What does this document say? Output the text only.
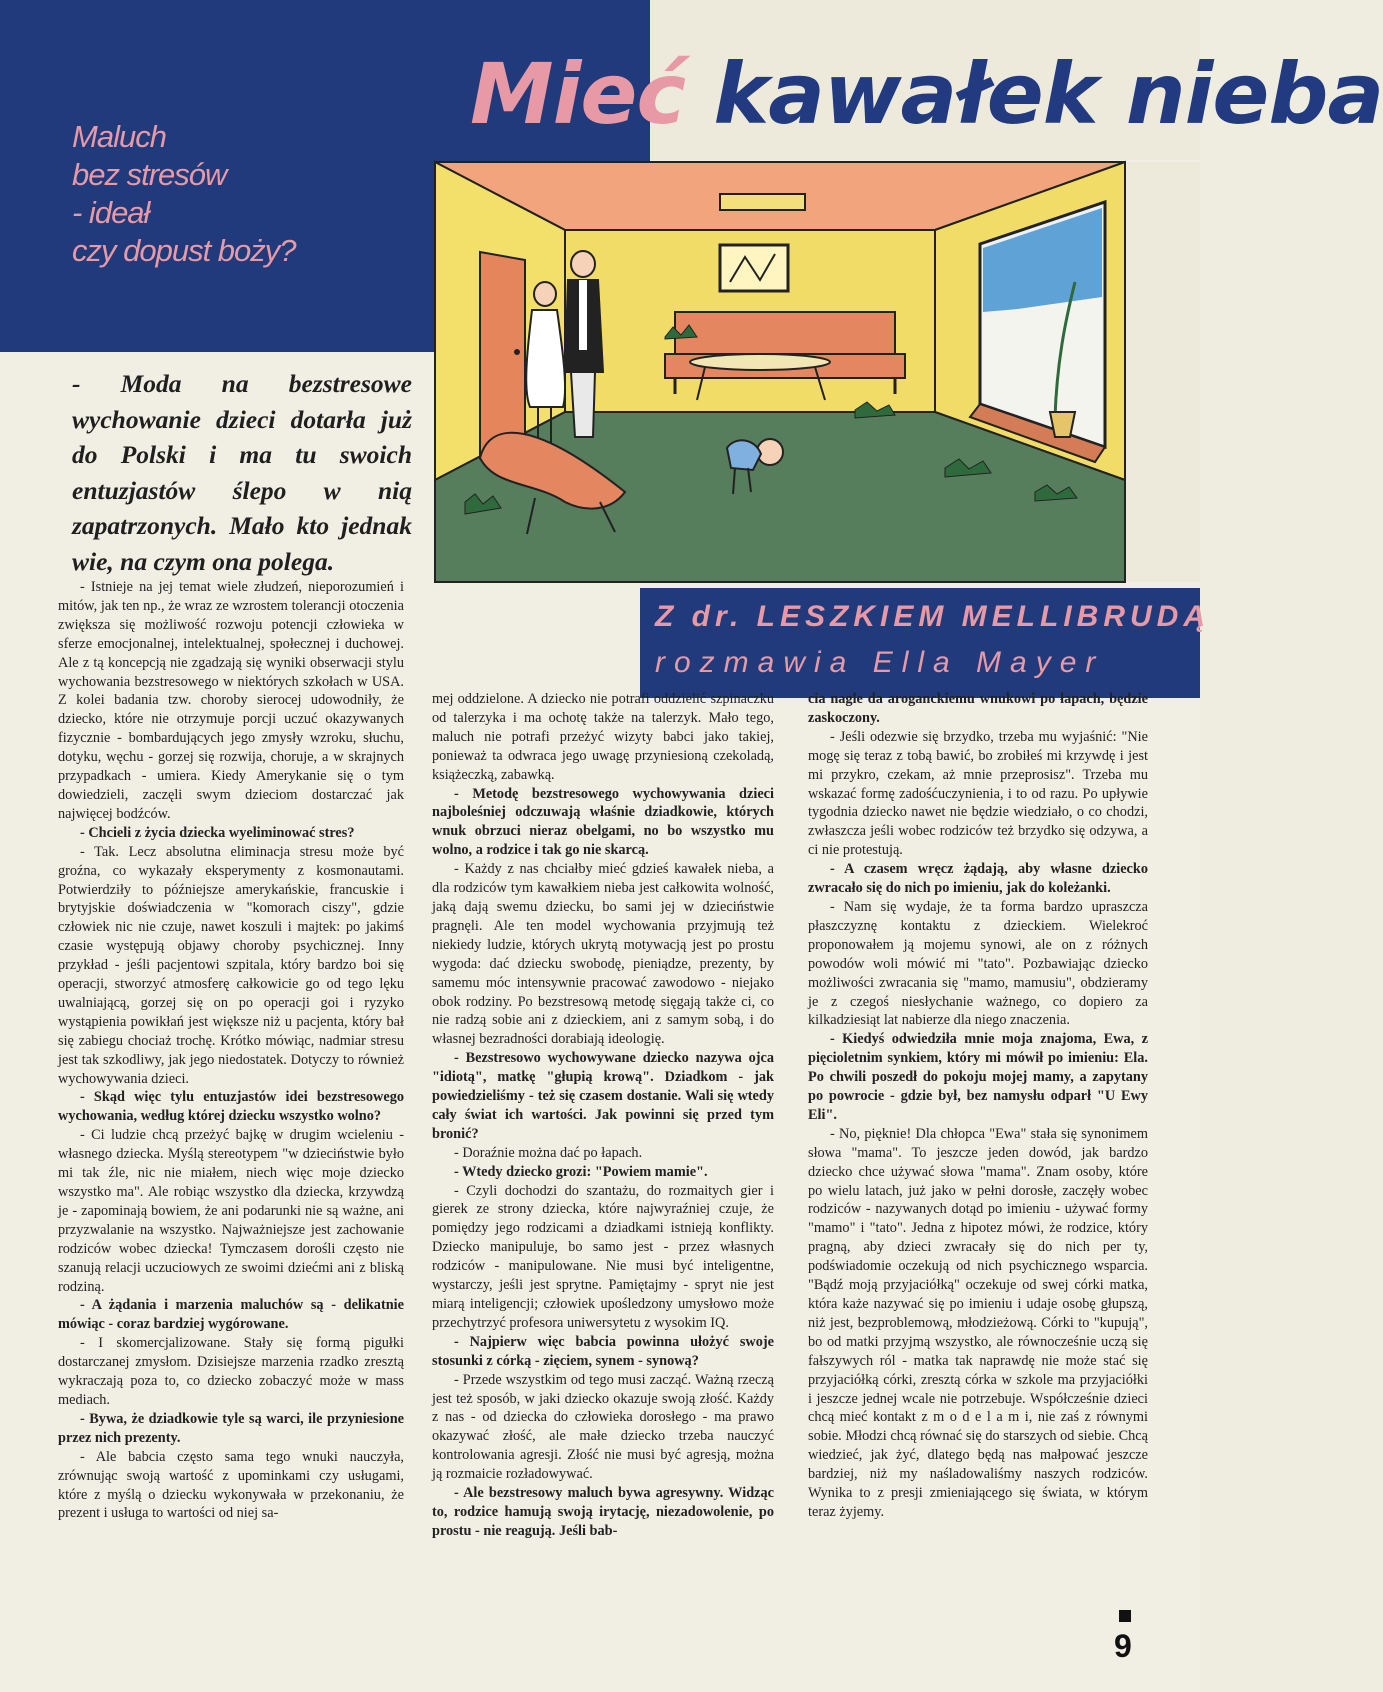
Mieć kawałek nieba
Maluch
bez stresów
- ideał
czy dopust boży?
Z dr. LESZKIEM MELLIBRUDĄ
rozmawia Ella Mayer

- Moda na bezstresowe wychowanie dzieci dotarła już do Polski i ma tu swoich entuzjastów ślepo w nią zapatrzonych. Mało kto jednak wie, na czym ona polega.

- Istnieje na jej temat wiele złudzeń, nieporozumień i mitów, jak ten np., że wraz ze wzrostem tolerancji otoczenia zwiększa się możliwość rozwoju potencji człowieka w sferze emocjonalnej, intelektualnej, społecznej i duchowej. Ale z tą koncepcją nie zgadzają się wyniki obserwacji stylu wychowania bezstresowego w niektórych szkołach w USA. Z kolei badania tzw. choroby sierocej udowodniły, że dziecko, które nie otrzymuje porcji uczuć okazywanych fizycznie - bombardujących jego zmysły wzroku, słuchu, dotyku, węchu - gorzej się rozwija, choruje, a w skrajnych przypadkach - umiera. Kiedy Amerykanie się o tym dowiedzieli, zaczęli swym dzieciom dostarczać jak najwięcej bodźców.

- Chcieli z życia dziecka wyeliminować stres?

- Tak. Lecz absolutna eliminacja stresu może być groźna, co wykazały eksperymenty z kosmonautami. Potwierdziły to późniejsze amerykańskie, francuskie i brytyjskie doświadczenia w "komorach ciszy", gdzie człowiek nic nie czuje, nawet koszuli i majtek: po jakimś czasie występują objawy choroby psychicznej. Inny przykład - jeśli pacjentowi szpitala, który bardzo boi się operacji, stworzyć atmosferę całkowicie go od tego lęku uwalniającą, gorzej się on po operacji goi i ryzyko wystąpienia powikłań jest większe niż u pacjenta, który bał się zabiegu chociaż trochę. Krótko mówiąc, nadmiar stresu jest tak szkodliwy, jak jego niedostatek. Dotyczy to również wychowywania dzieci.

- Skąd więc tylu entuzjastów idei bezstresowego wychowania, według której dziecku wszystko wolno?

- Ci ludzie chcą przeżyć bajkę w drugim wcieleniu - własnego dziecka. Myślą stereotypem "w dzieciństwie było mi tak źle, nic nie miałem, niech więc moje dziecko wszystko ma". Ale robiąc wszystko dla dziecka, krzywdzą je - zapominają bowiem, że ani podarunki nie są ważne, ani przyzwalanie na wszystko. Najważniejsze jest zachowanie rodziców wobec dziecka! Tymczasem dorośli często nie szanują relacji uczuciowych ze swoimi dziećmi ani z bliską rodziną.

- A żądania i marzenia maluchów są - delikatnie mówiąc - coraz bardziej wygórowane.

- I skomercjalizowane. Stały się formą pigułki dostarczanej zmysłom. Dzisiejsze marzenia rzadko zresztą wykraczają poza to, co dziecko zobaczyć może w mass mediach.

- Bywa, że dziadkowie tyle są warci, ile przyniesione przez nich prezenty.

- Ale babcia często sama tego wnuki nauczyła, zrównując swoją wartość z upominkami czy usługami, które z myślą o dziecku wykonywała w przekonaniu, że prezent i usługa to wartości od niej sa-

mej oddzielone. A dziecko nie potrafi oddzielić szpinaczku od talerzyka i ma ochotę także na talerzyk. Mało tego, maluch nie potrafi przeżyć wizyty babci jako takiej, ponieważ ta odwraca jego uwagę przyniesioną czekoladą, książeczką, zabawką.

- Metodę bezstresowego wychowywania dzieci najboleśniej odczuwają właśnie dziadkowie, których wnuk obrzuci nieraz obelgami, no bo wszystko mu wolno, a rodzice i tak go nie skarcą.

- Każdy z nas chciałby mieć gdzieś kawałek nieba, a dla rodziców tym kawałkiem nieba jest całkowita wolność, jaką dają swemu dziecku, bo sami jej w dzieciństwie pragnęli. Ale ten model wychowania przyjmują też niekiedy ludzie, których ukrytą motywacją jest po prostu wygoda: dać dziecku swobodę, pieniądze, prezenty, by samemu móc intensywnie pracować zawodowo - niejako obok rodziny. Po bezstresową metodę sięgają także ci, co nie radzą sobie ani z dzieckiem, ani z samym sobą, i do własnej bezradności dorabiają ideologię.

- Bezstresowo wychowywane dziecko nazywa ojca "idiotą", matkę "głupią krową". Dziadkom - jak powiedzieliśmy - też się czasem dostanie. Wali się wtedy cały świat ich wartości. Jak powinni się przed tym bronić?

- Doraźnie można dać po łapach.

- Wtedy dziecko grozi: "Powiem mamie".

- Czyli dochodzi do szantażu, do rozmaitych gier i gierek ze strony dziecka, które najwyraźniej czuje, że pomiędzy jego rodzicami a dziadkami istnieją konflikty. Dziecko manipuluje, bo samo jest - przez własnych rodziców - manipulowane. Nie musi być inteligentne, wystarczy, jeśli jest sprytne. Pamiętajmy - spryt nie jest miarą inteligencji; człowiek upośledzony umysłowo może przechytrzyć profesora uniwersytetu z wysokim IQ.

- Najpierw więc babcia powinna ułożyć swoje stosunki z córką - zięciem, synem - synową?

- Przede wszystkim od tego musi zacząć. Ważną rzeczą jest też sposób, w jaki dziecko okazuje swoją złość. Każdy z nas - od dziecka do człowieka dorosłego - ma prawo okazywać złość, ale małe dziecko trzeba nauczyć kontrolowania agresji. Złość nie musi być agresją, można ją rozmaicie rozładowywać.

- Ale bezstresowy maluch bywa agresywny. Widząc to, rodzice hamują swoją irytację, niezadowolenie, po prostu - nie reagują. Jeśli bab-

cia nagle da aroganckiemu wnukowi po łapach, będzie zaskoczony.

- Jeśli odezwie się brzydko, trzeba mu wyjaśnić: "Nie mogę się teraz z tobą bawić, bo zrobiłeś mi krzywdę i jest mi przykro, czekam, aż mnie przeprosisz". Trzeba mu wskazać formę zadośćuczynienia, i to od razu. Po upływie tygodnia dziecko nawet nie będzie wiedziało, o co chodzi, zwłaszcza jeśli wobec rodziców też brzydko się odzywa, a ci nie protestują.

- A czasem wręcz żądają, aby własne dziecko zwracało się do nich po imieniu, jak do koleżanki.

- Nam się wydaje, że ta forma bardzo upraszcza płaszczyznę kontaktu z dzieckiem. Wielekroć proponowałem ją mojemu synowi, ale on z różnych powodów woli mówić mi "tato". Pozbawiając dziecko możliwości zwracania się "mamo, mamusiu", obdzieramy je z czegoś niesłychanie ważnego, co dopiero za kilkadziesiąt lat nabierze dla niego znaczenia.

- Kiedyś odwiedziła mnie moja znajoma, Ewa, z pięcioletnim synkiem, który mi mówił po imieniu: Ela. Po chwili poszedł do pokoju mojej mamy, a zapytany po powrocie - gdzie był, bez namysłu odparł "U Ewy Eli".

- No, pięknie! Dla chłopca "Ewa" stała się synonimem słowa "mama". To jeszcze jeden dowód, jak bardzo dziecko chce używać słowa "mama". Znam osoby, które po wielu latach, już jako w pełni dorosłe, zaczęły wobec rodziców - nazywanych dotąd po imieniu - używać formy "mamo" i "tato". Jedna z hipotez mówi, że rodzice, który pragną, aby dzieci zwracały się do nich per ty, podświadomie oczekują od nich psychicznego wsparcia. "Bądź moją przyjaciółką" oczekuje od swej córki matka, która każe nazywać się po imieniu i udaje osobę głupszą, niż jest, bezproblemową, młodzieżową. Córki to "kupują", bo od matki przyjmą wszystko, ale równocześnie uczą się fałszywych ról - matka tak naprawdę nie może stać się przyjaciółką córki, zresztą córka w szkole ma przyjaciółki i jeszcze jednej wcale nie potrzebuje. Współcześnie dzieci chcą mieć kontakt z m o d e l a m i, nie zaś z równymi sobie. Młodzi chcą równać się do starszych od siebie. Chcą wiedzieć, jak żyć, dlatego będą nas małpować jeszcze bardziej, niż my naśladowaliśmy naszych rodziców. Wynika to z presji zmieniającego się świata, w którym teraz żyjemy.

9
